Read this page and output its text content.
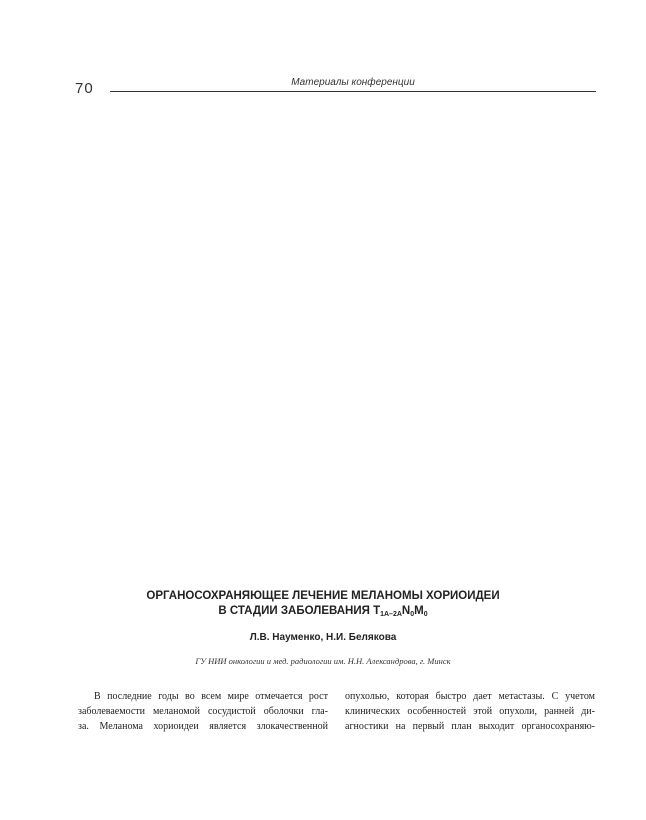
70	Материалы конференции
ОРГАНОСОХРАНЯЮЩЕЕ ЛЕЧЕНИЕ МЕЛАНОМЫ ХОРИОИДЕИ
В СТАДИИ ЗАБОЛЕВАНИЯ $T_{1A-2A}N_0M_0$
Л.В. Науменко, Н.И. Белякова
ГУ НИИ онкологии и мед. радиологии им. Н.Н. Александрова, г. Минск
В последние годы во всем мире отмечается рост
заболеваемости меланомой сосудистой оболочки гла-
за. Меланома хориоидеи является злокачественной
опухолью, которая быстро дает метастазы. С учетом
клинических особенностей этой опухоли, ранней ди-
агностики на первый план выходит органосохраняю-
